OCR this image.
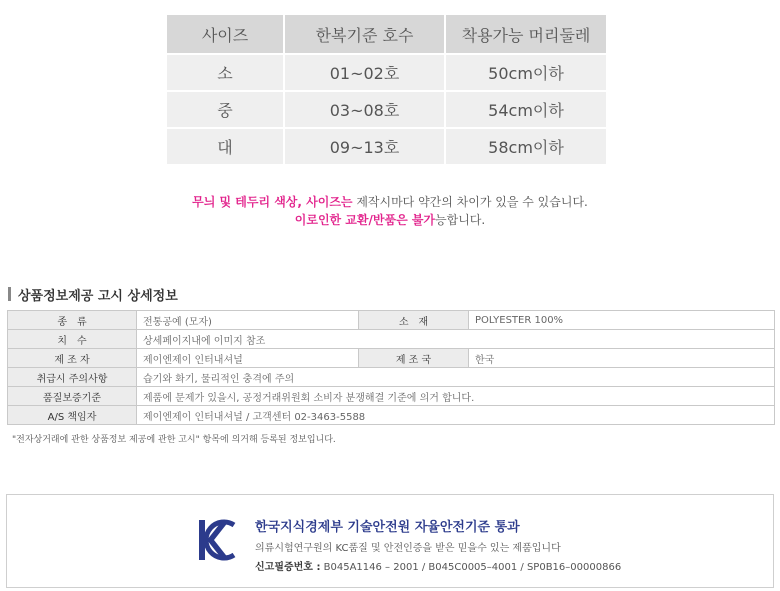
사이즈	한복기준 호수	착용가능 머리둘레
소	01~02호	50cm이하
중	03~08호	54cm이하
대	09~13호	58cm이하
무늬 및 테두리 색상, 사이즈는 제작시마다 약간의 차이가 있을 수 있습니다.
이로인한 교환/반품은 불가능합니다.
상품정보제공 고시 상세정보
종　류	전통공예 (모자)	소　재	POLYESTER 100%
치　수	상세페이지내에 이미지 참조		
제 조 자	제이엔제이 인터내셔널	제 조 국	한국
취급시 주의사항	습기와 화기, 물리적인 충격에 주의		
품질보증기준	제품에 문제가 있을시, 공정거래위원회 소비자 분쟁해결 기준에 의거 합니다.		
A/S 책임자	제이엔제이 인터내셔널 / 고객센터 02-3463-5588		
"전자상거래에 관한 상품정보 제공에 관한 고시" 항목에 의거해 등록된 정보입니다.
한국지식경제부 기술안전원 자율안전기준 통과
의류시험연구원의 KC품질 및 안전인증을 받은 믿을수 있는 제품입니다
신고필증번호 : B045A1146 – 2001 / B045C0005–4001 / SP0B16–00000866
